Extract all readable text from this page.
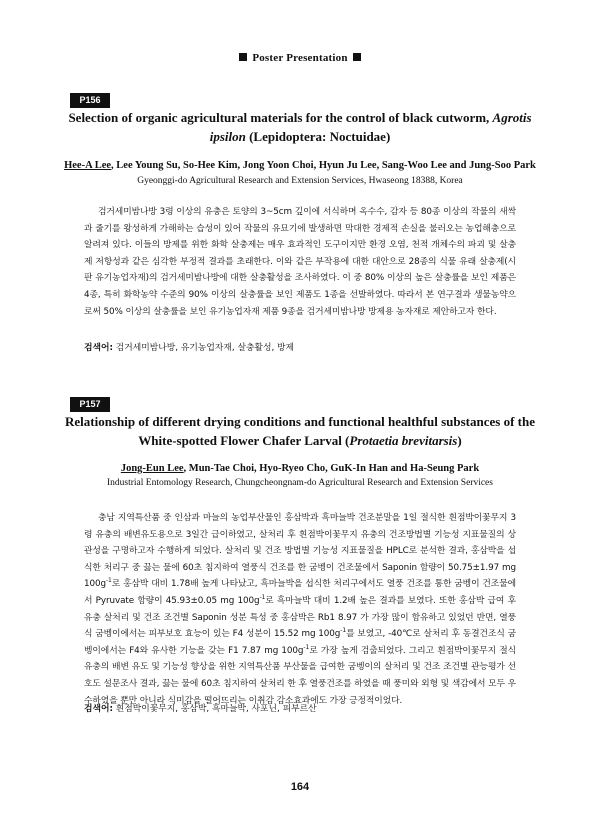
Poster Presentation
P156
Selection of organic agricultural materials for the control of black cutworm, Agrotis ipsilon (Lepidoptera: Noctuidae)
Hee-A Lee, Lee Young Su, So-Hee Kim, Jong Yoon Choi, Hyun Ju Lee, Sang-Woo Lee and Jung-Soo Park
Gyeonggi-do Agricultural Research and Extension Services, Hwaseong 18388, Korea

검거세미밤나방 3령 이상의 유충은 토양의 3~5cm 깊이에 서식하며 옥수수, 감자 등 80종 이상의 작물의 새싹과 줄기를 왕성하게 가해하는 습성이 있어 작물의 유묘기에 발생하면 막대한 경제적 손실을 불러오는 농업해충으로 알려져 있다. 이들의 방제를 위한 화학 살충제는 매우 효과적인 도구이지만 환경 오염, 천적 개체수의 파괴 및 살충제 저항성과 같은 심각한 부정적 결과를 초래한다. 이와 같은 부작용에 대한 대안으로 28종의 식물 유래 살충제(시판 유기농업자재)의 검거세미밤나방에 대한 살충활성을 조사하였다. 이 중 80% 이상의 높은 살충률을 보인 제품은 4종, 특히 화학농약 수준의 90% 이상의 살충률을 보인 제품도 1종을 선발하였다. 따라서 본 연구결과 생물농약으로써 50% 이상의 살충률을 보인 유기농업자재 제품 9종을 검거세미밤나방 방제용 농자재로 제안하고자 한다.

검색어: 검거세미밤나방, 유기농업자재, 살충활성, 방제
P157
Relationship of different drying conditions and functional healthful substances of the White-spotted Flower Chafer Larval (Protaetia brevitarsis)
Jong-Eun Lee, Mun-Tae Choi, Hyo-Ryeo Cho, GuK-In Han and Ha-Seung Park
Industrial Entomology Research, Chungcheongnam-do Agricultural Research and Extension Services

충남 지역특산품 중 인삼과 마늘의 농업부산물인 홍삼박과 흑마늘박 건조분말을 1일 절식한 흰점박이꽃무지 3령 유충의 배변유도용으로 3일간 급이하였고, 살처리 후 흰점박이꽃무지 유충의 건조방법별 기능성 지표물질의 상관성을 구명하고자 수행하게 되었다. 살처리 및 건조 방법별 기능성 지표물질을 HPLC로 분석한 결과, 홍삼박을 섭식한 처리구 중 끓는 물에 60초 침지하여 열풍식 건조를 한 굼벵이 건조물에서 Saponin 함량이 50.75±1.97 mg $100g^{-1}$로 홍삼박 대비 1.78배 높게 나타났고, 흑마늘박을 섭식한 처리구에서도 열풍 건조를 통한 굼벵이 건조물에서 Pyruvate 함량이 45.93±0.05 mg $100g^{-1}$로 흑마늘박 대비 1.2배 높은 결과를 보였다. 또한 홍삼박 급여 후 유충 살처리 및 건조 조건별 Saponin 성분 특성 중 홍삼박은 Rb1 8.97 가 가장 많이 함유하고 있었던 반면, 열풍식 굼벵이에서는 피부보호 효능이 있는 F4 성분이 15.52 mg $100g^{-1}$를 보였고, -40℃로 살처리 후 동결건조식 굼벵이에서는 F4와 유사한 기능을 갖는 F1 7.87 mg $100g^{-1}$로 가장 높게 검출되었다. 그리고 흰점박이꽃무지 절식 유충의 배변 유도 및 기능성 향상을 위한 지역특산품 부산물을 급여한 굼벵이의 살처리 및 건조 조건별 관능평가 선호도 설문조사 결과, 끓는 물에 60초 침지하여 살처리 한 후 열풍건조를 하였을 때 풍미와 외형 및 색감에서 모두 우수하였을 뿐만 아니라 식미감을 떨어뜨리는 이취감 감소효과에도 가장 긍정적이었다.

검색어: 흰점박이꽃무지, 홍삼박, 흑마늘박, 사포닌, 피부르산
164
